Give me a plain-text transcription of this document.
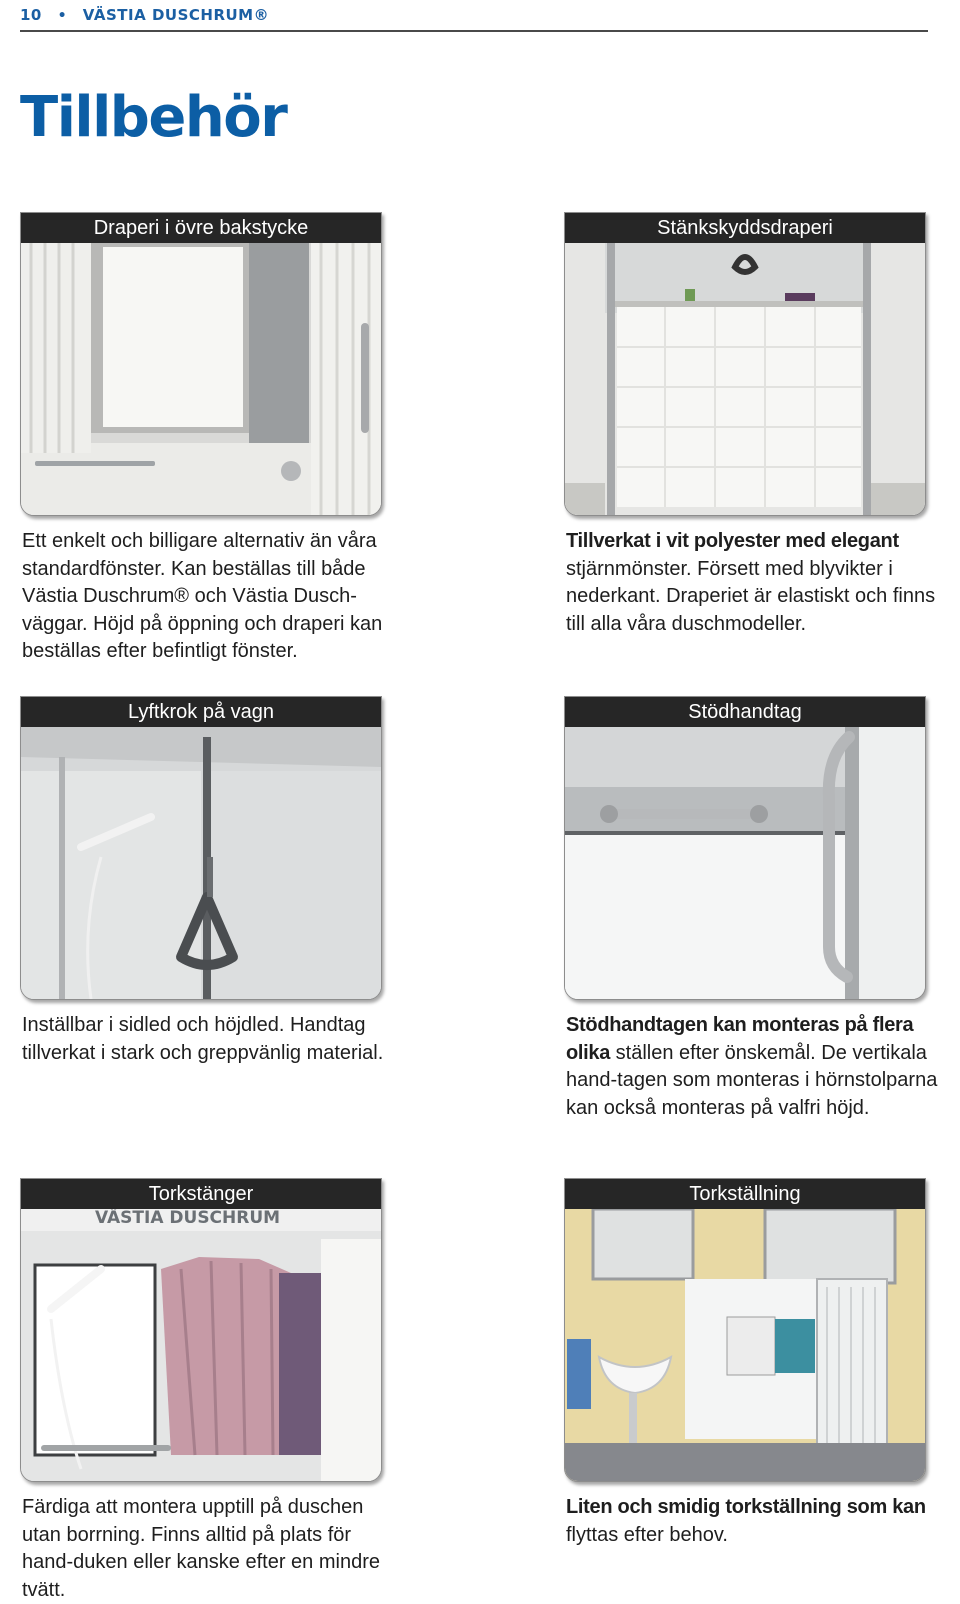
10 • VÄSTIA DUSCHRUM®
Tillbehör
Draperi i övre bakstycke
Ett enkelt och billigare alternativ än våra standardfönster. Kan beställas till både Västia Duschrum® och Västia Dusch-väggar. Höjd på öppning och draperi kan beställas efter befintligt fönster.
Stänkskyddsdraperi
Tillverkat i vit polyester med elegant stjärnmönster. Försett med blyvikter i nederkant. Draperiet är elastiskt och finns till alla våra duschmodeller.
Lyftkrok på vagn
Inställbar i sidled och höjdled. Handtag tillverkat i stark och greppvänlig material.
Stödhandtag
Stödhandtagen kan monteras på flera olika ställen efter önskemål. De vertikala hand-tagen som monteras i hörnstolparna kan också monteras på valfri höjd.
Torkstänger
VÄSTIA DUSCHRUM
Färdiga att montera upptill på duschen utan borrning. Finns alltid på plats för hand-duken eller kanske efter en mindre tvätt.
Torkställning
Liten och smidig torkställning som kan flyttas efter behov.
